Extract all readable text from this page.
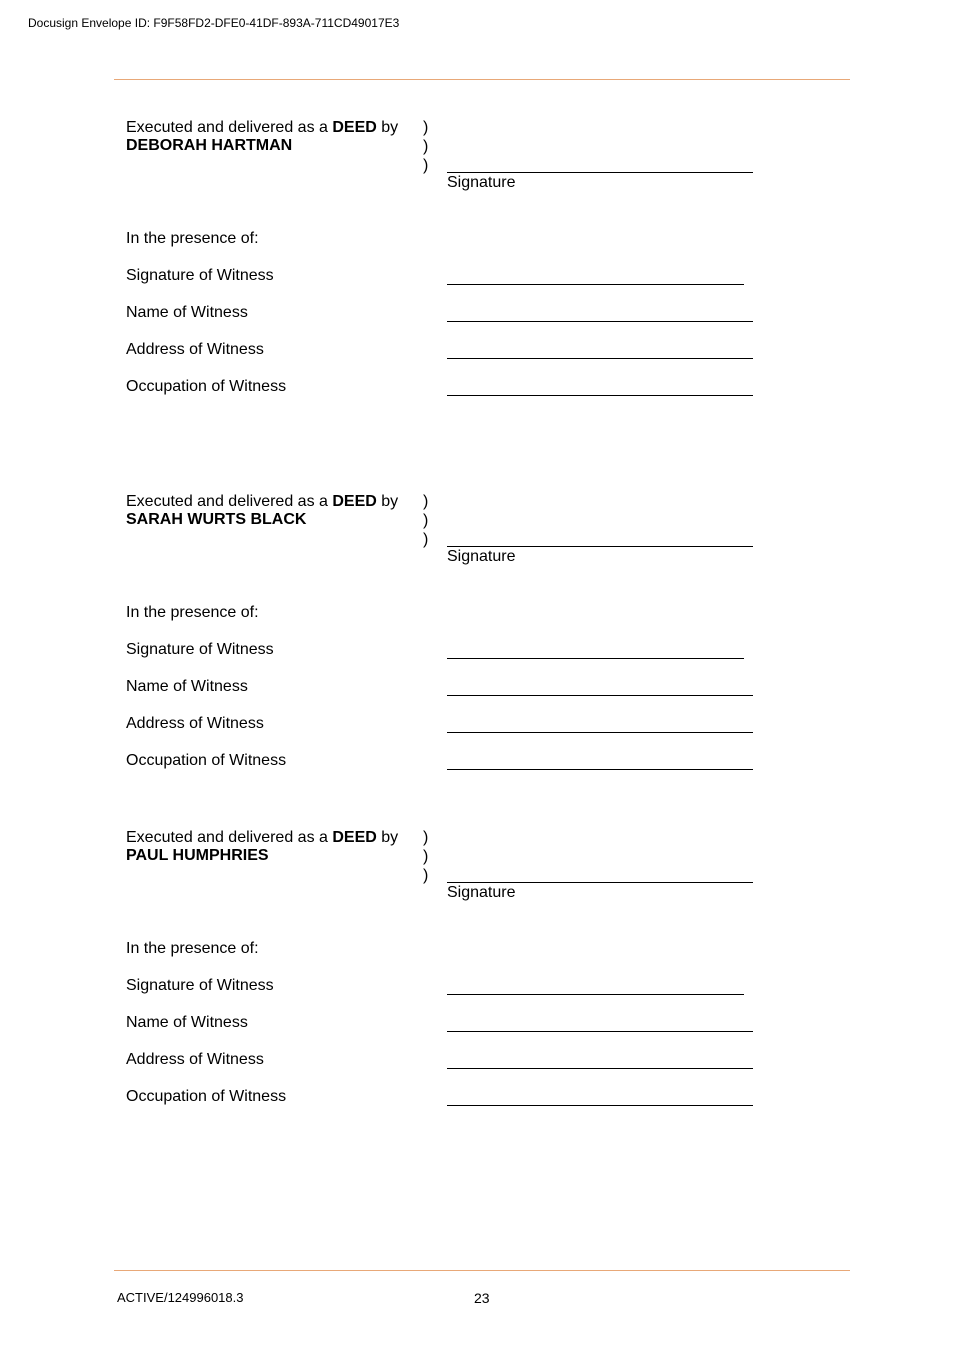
Docusign Envelope ID: F9F58FD2-DFE0-41DF-893A-711CD49017E3
Executed and delivered as a DEED by
DEBORAH HARTMAN
)
)
)
Signature
In the presence of:
Signature of Witness
Name of Witness
Address of Witness
Occupation of Witness
Executed and delivered as a DEED by
SARAH WURTS BLACK
)
)
)
Signature
In the presence of:
Signature of Witness
Name of Witness
Address of Witness
Occupation of Witness
Executed and delivered as a DEED by
PAUL HUMPHRIES
)
)
)
Signature
In the presence of:
Signature of Witness
Name of Witness
Address of Witness
Occupation of Witness
ACTIVE/124996018.3	23
